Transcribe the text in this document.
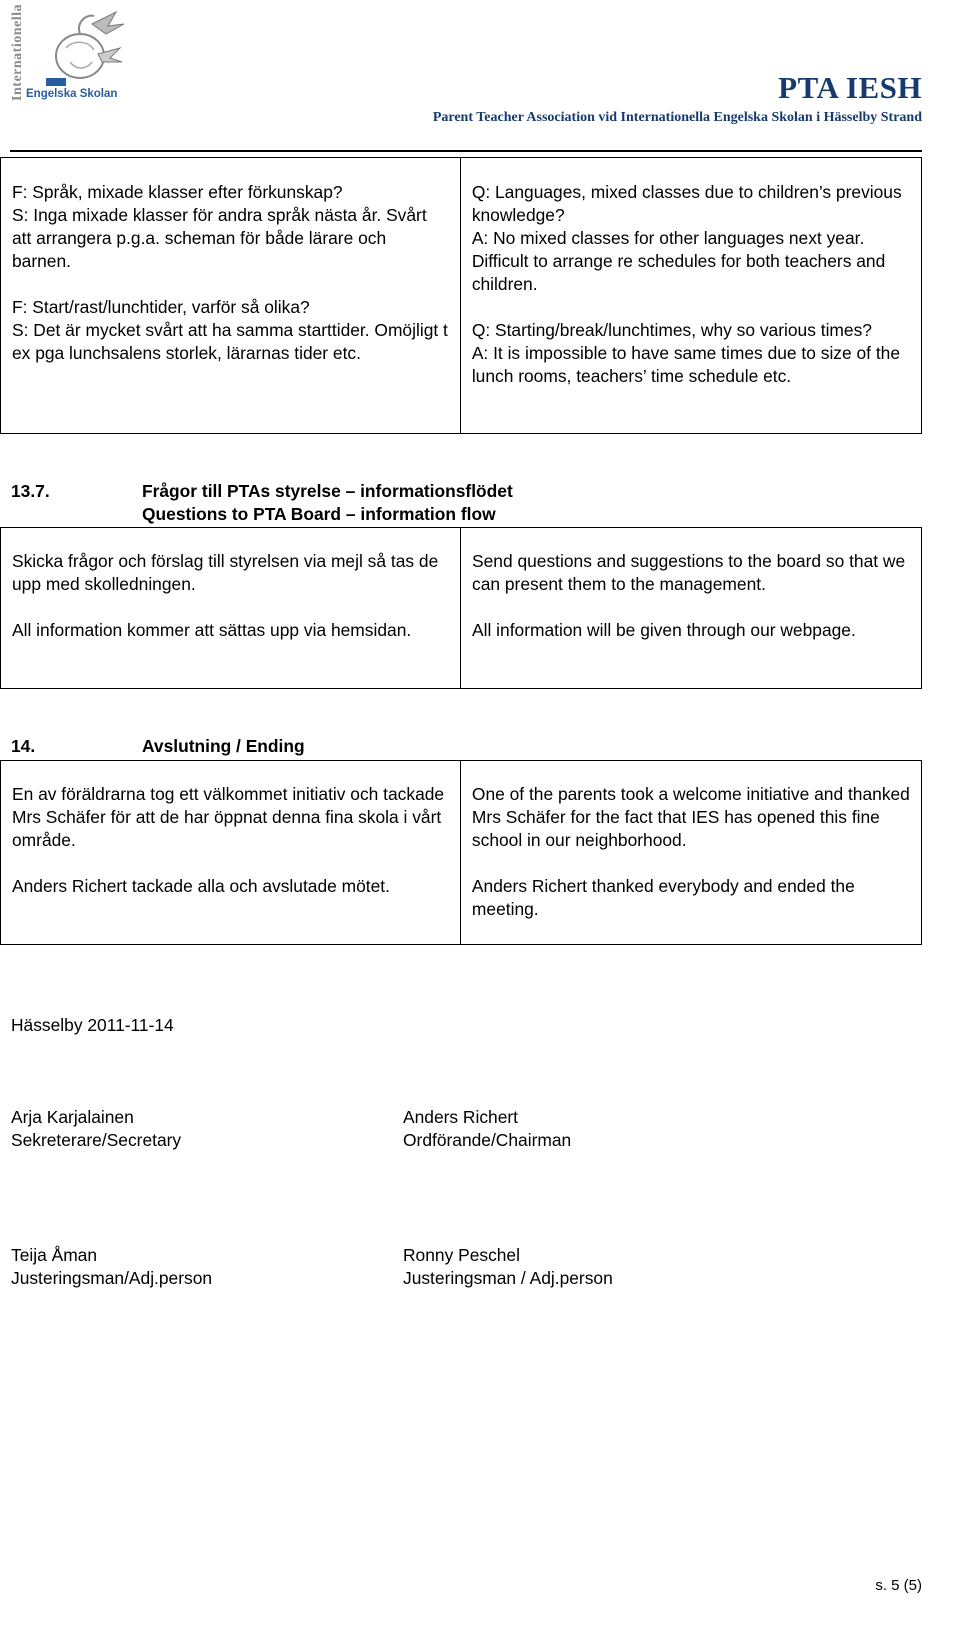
Internationella Engelska Skolan	PTA IESH
Parent Teacher Association vid Internationella Engelska Skolan i Hässelby Strand

F: Språk, mixade klasser efter förkunskap?
S: Inga mixade klasser för andra språk nästa år. Svårt att arrangera p.g.a. scheman för både lärare och barnen.

F: Start/rast/lunchtider, varför så olika?
S: Det är mycket svårt att ha samma starttider. Omöjligt t ex pga lunchsalens storlek, lärarnas tider etc.

Q: Languages, mixed classes due to children’s previous knowledge?
A: No mixed classes for other languages next year. Difficult to arrange re schedules for both teachers and children.

Q: Starting/break/lunchtimes, why so various times?
A: It is impossible to have same times due to size of the lunch rooms, teachers’ time schedule etc.

13.7.	Frågor till PTAs styrelse – informationsflödet
Questions to PTA Board – information flow

Skicka frågor och förslag till styrelsen via mejl så tas de upp med skolledningen.

All information kommer att sättas upp via hemsidan.

Send questions and suggestions to the board so that we can present them to the management.

All information will be given through our webpage.

14.	Avslutning / Ending

En av föräldrarna tog ett välkommet initiativ och tackade Mrs Schäfer för att de har öppnat denna fina skola i vårt område.

Anders Richert tackade alla och avslutade mötet.

One of the parents took a welcome initiative and thanked Mrs Schäfer for the fact that IES has opened this fine school in our neighborhood.

Anders Richert thanked everybody and ended the meeting.

Hässelby 2011-11-14
Arja Karjalainen
Sekreterare/Secretary
Anders Richert
Ordförande/Chairman
Teija Åman
Justeringsman/Adj.person
Ronny Peschel
Justeringsman / Adj.person
s. 5 (5)
